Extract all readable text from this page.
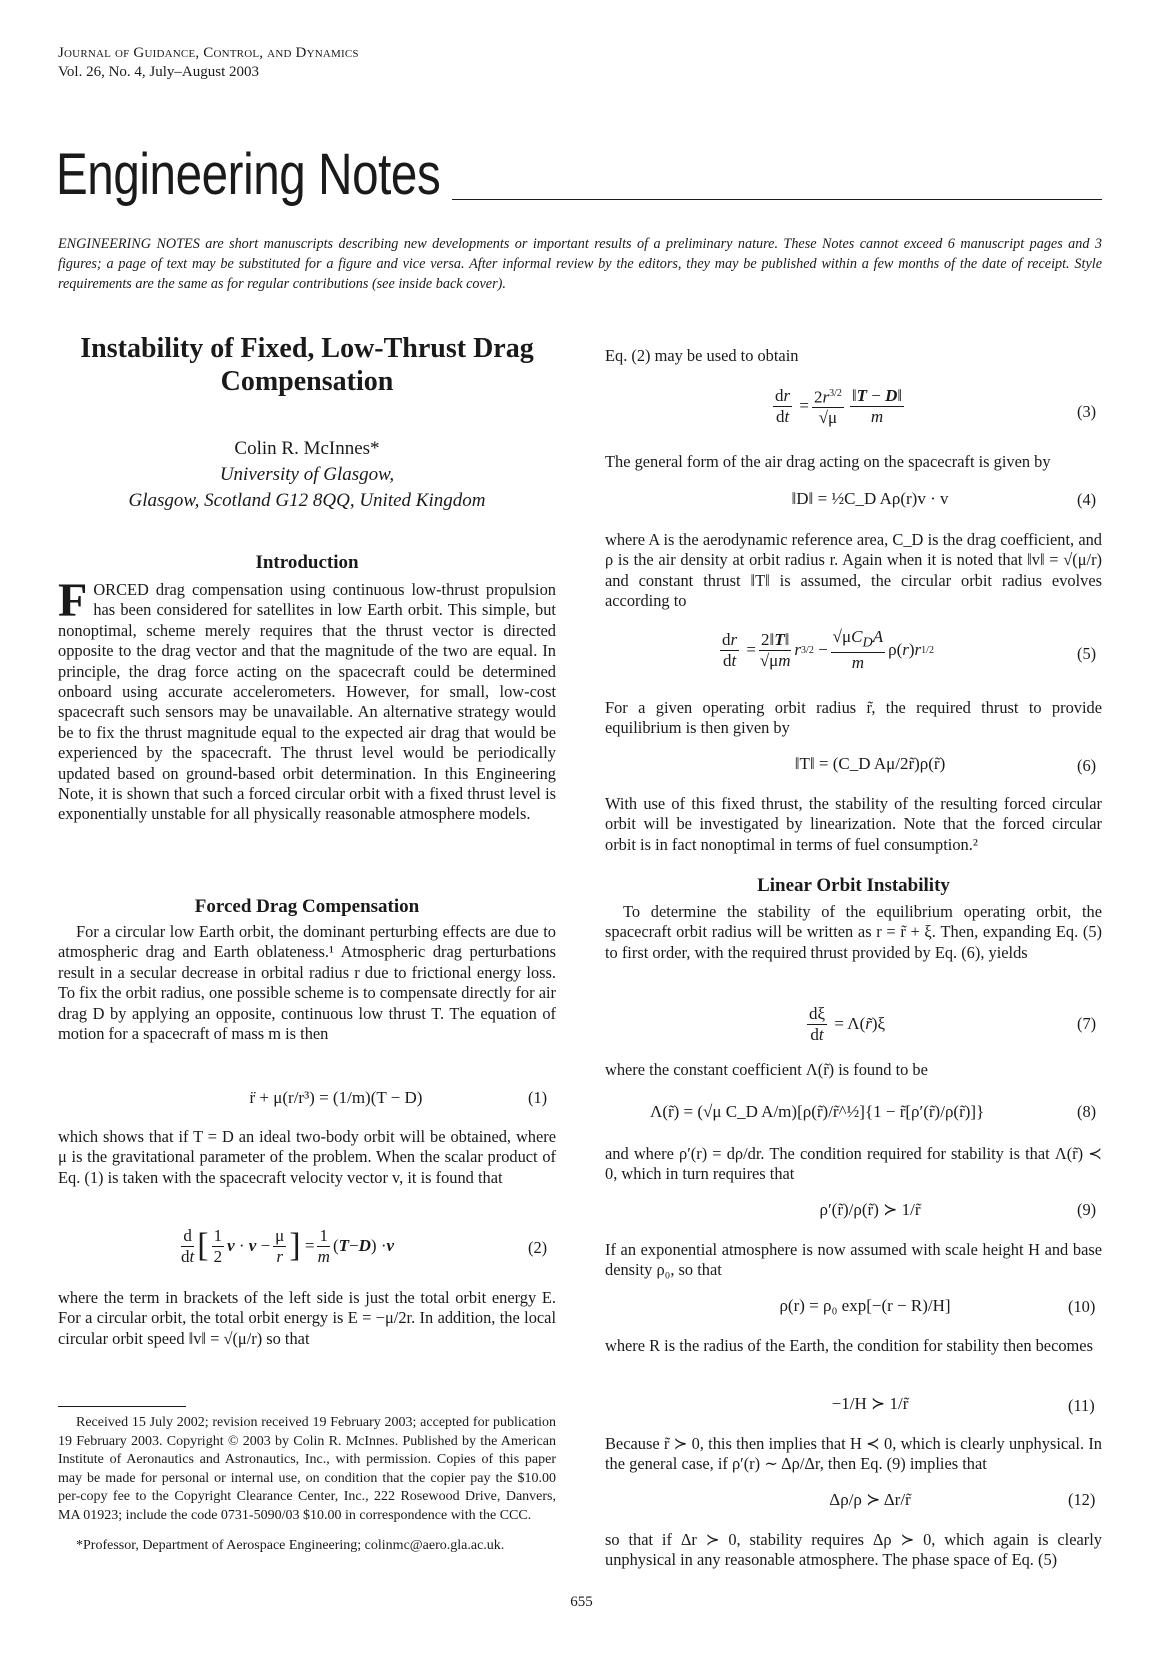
Journal of Guidance, Control, and Dynamics
Vol. 26, No. 4, July–August 2003
Engineering Notes
ENGINEERING NOTES are short manuscripts describing new developments or important results of a preliminary nature. These Notes cannot exceed 6 manuscript pages and 3 figures; a page of text may be substituted for a figure and vice versa. After informal review by the editors, they may be published within a few months of the date of receipt. Style requirements are the same as for regular contributions (see inside back cover).
Instability of Fixed, Low-Thrust Drag Compensation
Colin R. McInnes*
University of Glasgow,
Glasgow, Scotland G12 8QQ, United Kingdom
Introduction

FORCED drag compensation using continuous low-thrust propulsion has been considered for satellites in low Earth orbit. This simple, but nonoptimal, scheme merely requires that the thrust vector is directed opposite to the drag vector and that the magnitude of the two are equal. In principle, the drag force acting on the spacecraft could be determined onboard using accurate accelerometers. However, for small, low-cost spacecraft such sensors may be unavailable. An alternative strategy would be to fix the thrust magnitude equal to the expected air drag that would be experienced by the spacecraft. The thrust level would be periodically updated based on ground-based orbit determination. In this Engineering Note, it is shown that such a forced circular orbit with a fixed thrust level is exponentially unstable for all physically reasonable atmosphere models.

Forced Drag Compensation

For a circular low Earth orbit, the dominant perturbing effects are due to atmospheric drag and Earth oblateness.¹ Atmospheric drag perturbations result in a secular decrease in orbital radius r due to frictional energy loss. To fix the orbit radius, one possible scheme is to compensate directly for air drag D by applying an opposite, continuous low thrust T. The equation of motion for a spacecraft of mass m is then

r̈ + μ(r/r³) = (1/m)(T − D)	(1)

which shows that if T = D an ideal two-body orbit will be obtained, where μ is the gravitational parameter of the problem. When the scalar product of Eq. (1) is taken with the spacecraft velocity vector v, it is found that

$\frac{d}{dt}$ [ $\frac{1}{2}$ $v \cdot v - \frac{\mu}{r}$ ] = $\frac{1}{m}$ ( T − D ) · v	(2)

where the term in brackets of the left side is just the total orbit energy E. For a circular orbit, the total orbit energy is E = −μ/2r. In addition, the local circular orbit speed ‖v‖ = √(μ/r) so that

Received 15 July 2002; revision received 19 February 2003; accepted for publication 19 February 2003. Copyright © 2003 by Colin R. McInnes. Published by the American Institute of Aeronautics and Astronautics, Inc., with permission. Copies of this paper may be made for personal or internal use, on condition that the copier pay the $10.00 per-copy fee to the Copyright Clearance Center, Inc., 222 Rosewood Drive, Danvers, MA 01923; include the code 0731-5090/03 $10.00 in correspondence with the CCC.

*Professor, Department of Aerospace Engineering; colinmc@aero.gla.ac.uk.

Eq. (2) may be used to obtain

$\frac{dr}{dt} = \frac{2r^{3/2}}{√\mu} \frac{‖T - D‖}{m}$	(3)

The general form of the air drag acting on the spacecraft is given by

‖D‖ = ½C_D Aρ(r)v · v	(4)

where A is the aerodynamic reference area, C_D is the drag coefficient, and ρ is the air density at orbit radius r. Again when it is noted that ‖v‖ = √(μ/r) and constant thrust ‖T‖ is assumed, the circular orbit radius evolves according to

$\frac{dr}{dt} = \frac{2‖T‖}{√\mu m}$ r $3/2 - \frac{√\mu C_DA}{m} \rho$( r ) r 1/2	(5)

For a given operating orbit radius r̃, the required thrust to provide equilibrium is then given by

‖T‖ = (C_D Aμ/2r̃)ρ(r̃)	(6)

With use of this fixed thrust, the stability of the resulting forced circular orbit will be investigated by linearization. Note that the forced circular orbit is in fact nonoptimal in terms of fuel consumption.²

Linear Orbit Instability

To determine the stability of the equilibrium operating orbit, the spacecraft orbit radius will be written as r = r̃ + ξ. Then, expanding Eq. (5) to first order, with the required thrust provided by Eq. (6), yields

$\frac{d\xi}{dt} = \Lambda$( r̃ )ξ	(7)

where the constant coefficient Λ(r̃) is found to be

Λ(r̃) = (√μ C_D A/m)[ρ(r̃)/r̃^½]{1 − r̃[ρ′(r̃)/ρ(r̃)]}	(8)

and where ρ′(r) = dρ/dr. The condition required for stability is that Λ(r̃) ≺ 0, which in turn requires that

ρ′(r̃)/ρ(r̃) ≻ 1/r̃	(9)

If an exponential atmosphere is now assumed with scale height H and base density ρ₀, so that

ρ(r) = ρ₀ exp[−(r − R)/H]	(10)

where R is the radius of the Earth, the condition for stability then becomes

−1/H ≻ 1/r̃	(11)

Because r̃ ≻ 0, this then implies that H ≺ 0, which is clearly unphysical. In the general case, if ρ′(r) ∼ Δρ/Δr, then Eq. (9) implies that

Δρ/ρ ≻ Δr/r̃	(12)

so that if Δr ≻ 0, stability requires Δρ ≻ 0, which again is clearly unphysical in any reasonable atmosphere. The phase space of Eq. (5)

655
